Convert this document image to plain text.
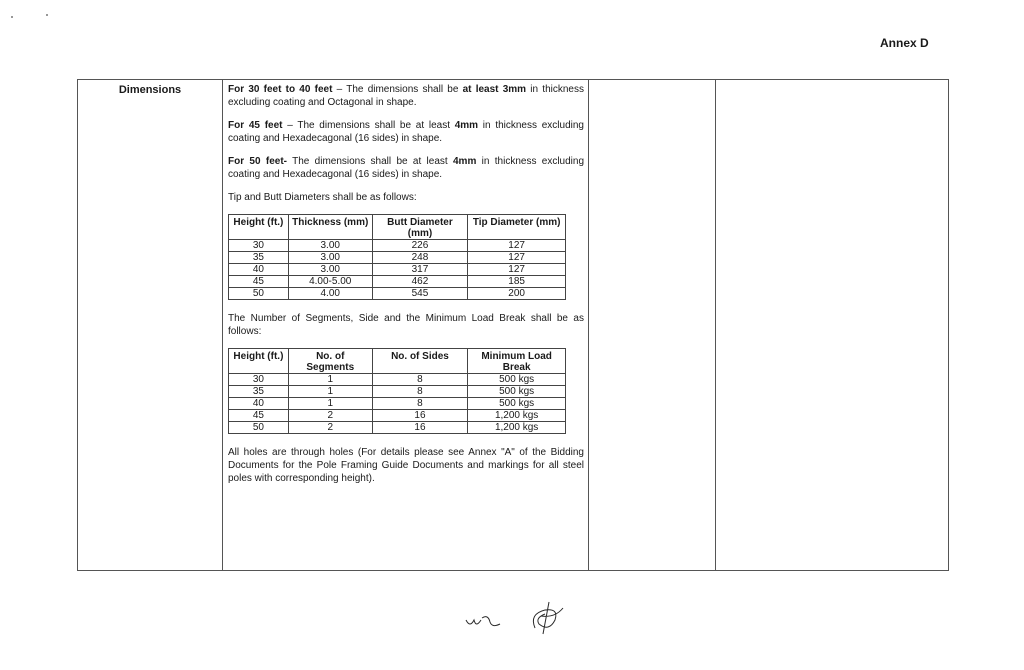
Annex D
Dimensions	For 30 feet to 40 feet – The dimensions shall be at least 3mm in thickness excluding coating and Octagonal in shape.

For 45 feet – The dimensions shall be at least 4mm in thickness excluding coating and Hexadecagonal (16 sides) in shape.

For 50 feet- The dimensions shall be at least 4mm in thickness excluding coating and Hexadecagonal (16 sides) in shape.

Tip and Butt Diameters shall be as follows:

Height (ft.)	Thickness (mm)	Butt Diameter (mm)	Tip Diameter (mm)
30	3.00	226	127
35	3.00	248	127
40	3.00	317	127
45	4.00-5.00	462	185
50	4.00	545	200

The Number of Segments, Side and the Minimum Load Break shall be as follows:

Height (ft.)	No. of Segments	No. of Sides	Minimum Load Break
30	1	8	500 kgs
35	1	8	500 kgs
40	1	8	500 kgs
45	2	16	1,200 kgs
50	2	16	1,200 kgs

All holes are through holes (For details please see Annex "A" of the Bidding Documents for the Pole Framing Guide Documents and markings for all steel poles with corresponding height).
